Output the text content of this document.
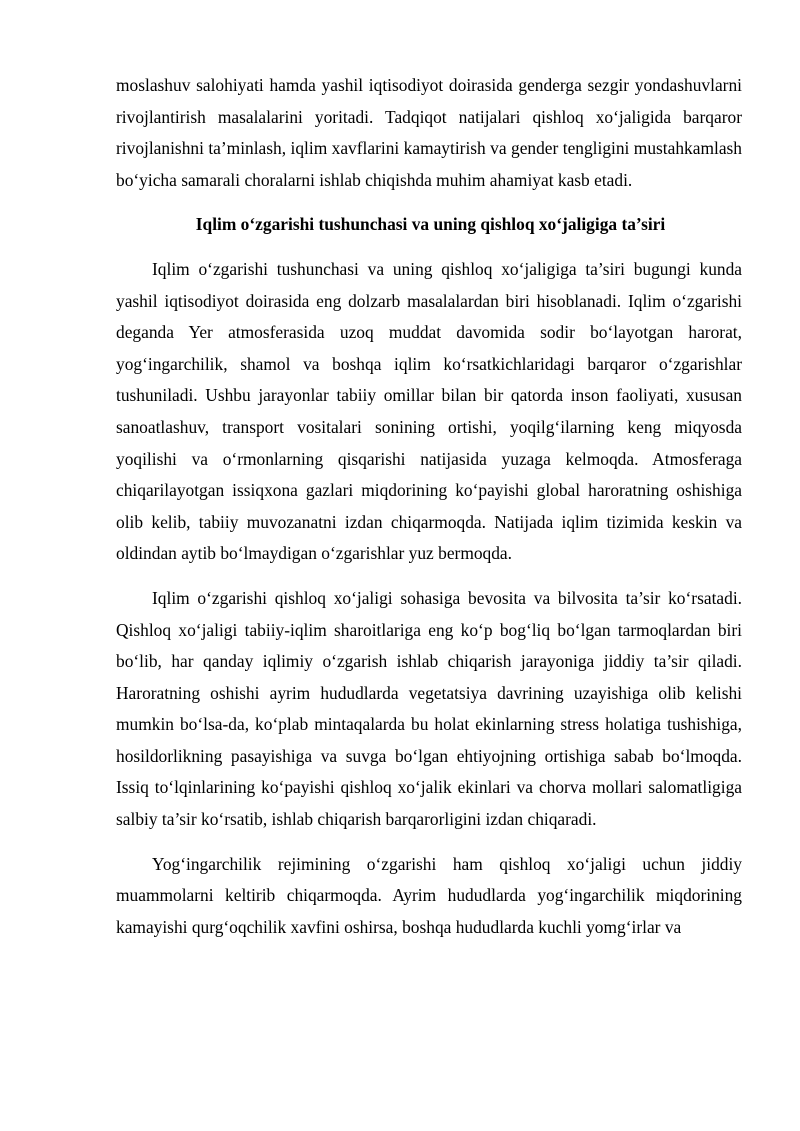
moslashuv salohiyati hamda yashil iqtisodiyot doirasida genderga sezgir yondashuvlarni rivojlantirish masalalarini yoritadi. Tadqiqot natijalari qishloq xo‘jaligida barqaror rivojlanishni ta’minlash, iqlim xavflarini kamaytirish va gender tengligini mustahkamlash bo‘yicha samarali choralarni ishlab chiqishda muhim ahamiyat kasb etadi.

Iqlim o‘zgarishi tushunchasi va uning qishloq xo‘jaligiga ta’siri

Iqlim o‘zgarishi tushunchasi va uning qishloq xo‘jaligiga ta’siri bugungi kunda yashil iqtisodiyot doirasida eng dolzarb masalalardan biri hisoblanadi. Iqlim o‘zgarishi deganda Yer atmosferasida uzoq muddat davomida sodir bo‘layotgan harorat, yog‘ingarchilik, shamol va boshqa iqlim ko‘rsatkichlaridagi barqaror o‘zgarishlar tushuniladi. Ushbu jarayonlar tabiiy omillar bilan bir qatorda inson faoliyati, xususan sanoatlashuv, transport vositalari sonining ortishi, yoqilg‘ilarning keng miqyosda yoqilishi va o‘rmonlarning qisqarishi natijasida yuzaga kelmoqda. Atmosferaga chiqarilayotgan issiqxona gazlari miqdorining ko‘payishi global haroratning oshishiga olib kelib, tabiiy muvozanatni izdan chiqarmoqda. Natijada iqlim tizimida keskin va oldindan aytib bo‘lmaydigan o‘zgarishlar yuz bermoqda.

Iqlim o‘zgarishi qishloq xo‘jaligi sohasiga bevosita va bilvosita ta’sir ko‘rsatadi. Qishloq xo‘jaligi tabiiy-iqlim sharoitlariga eng ko‘p bog‘liq bo‘lgan tarmoqlardan biri bo‘lib, har qanday iqlimiy o‘zgarish ishlab chiqarish jarayoniga jiddiy ta’sir qiladi. Haroratning oshishi ayrim hududlarda vegetatsiya davrining uzayishiga olib kelishi mumkin bo‘lsa-da, ko‘plab mintaqalarda bu holat ekinlarning stress holatiga tushishiga, hosildorlikning pasayishiga va suvga bo‘lgan ehtiyojning ortishiga sabab bo‘lmoqda. Issiq to‘lqinlarining ko‘payishi qishloq xo‘jalik ekinlari va chorva mollari salomatligiga salbiy ta’sir ko‘rsatib, ishlab chiqarish barqarorligini izdan chiqaradi.

Yog‘ingarchilik rejimining o‘zgarishi ham qishloq xo‘jaligi uchun jiddiy muammolarni keltirib chiqarmoqda. Ayrim hududlarda yog‘ingarchilik miqdorining kamayishi qurg‘oqchilik xavfini oshirsa, boshqa hududlarda kuchli yomg‘irlar va
